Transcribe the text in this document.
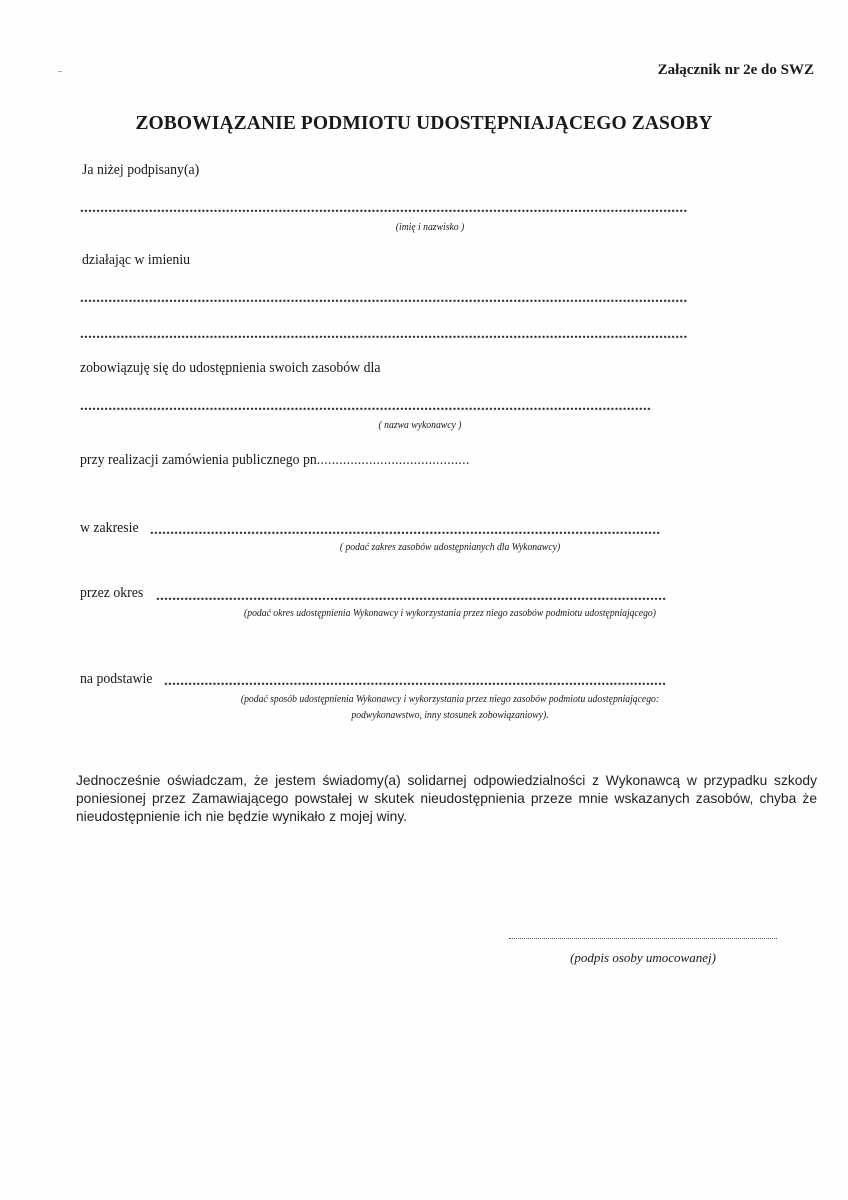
Załącznik nr 2e do SWZ
ZOBOWIĄZANIE PODMIOTU UDOSTĘPNIAJĄCEGO ZASOBY
Ja niżej podpisany(a)
......................................................................................................................................................
(imię i nazwisko )
działając w imieniu
......................................................................................................................................................
......................................................................................................................................................
zobowiązuję się do udostępnienia swoich zasobów dla
.............................................................................................................................................
( nazwa wykonawcy )
przy realizacji zamówienia publicznego pn.........................................
w zakresie ..............................................................................................................................
( podać zakres zasobów udostępnianych dla Wykonawcy)
przez okres ..............................................................................................................................
(podać okres udostępnienia Wykonawcy i wykorzystania przez niego zasobów podmiotu udostępniającego)
na podstawie ............................................................................................................................
(podać sposób udostępnienia Wykonawcy i wykorzystania przez niego zasobów podmiotu udostępniającego:
podwykonawstwo, inny stosunek zobowiązaniowy).
Jednocześnie oświadczam, że jestem świadomy(a) solidarnej odpowiedzialności z Wykonawcą w przypadku szkody poniesionej przez Zamawiającego powstałej w skutek nieudostępnienia przeze mnie wskazanych zasobów, chyba że nieudostępnienie ich nie będzie wynikało z mojej winy.
(podpis osoby umocowanej)
